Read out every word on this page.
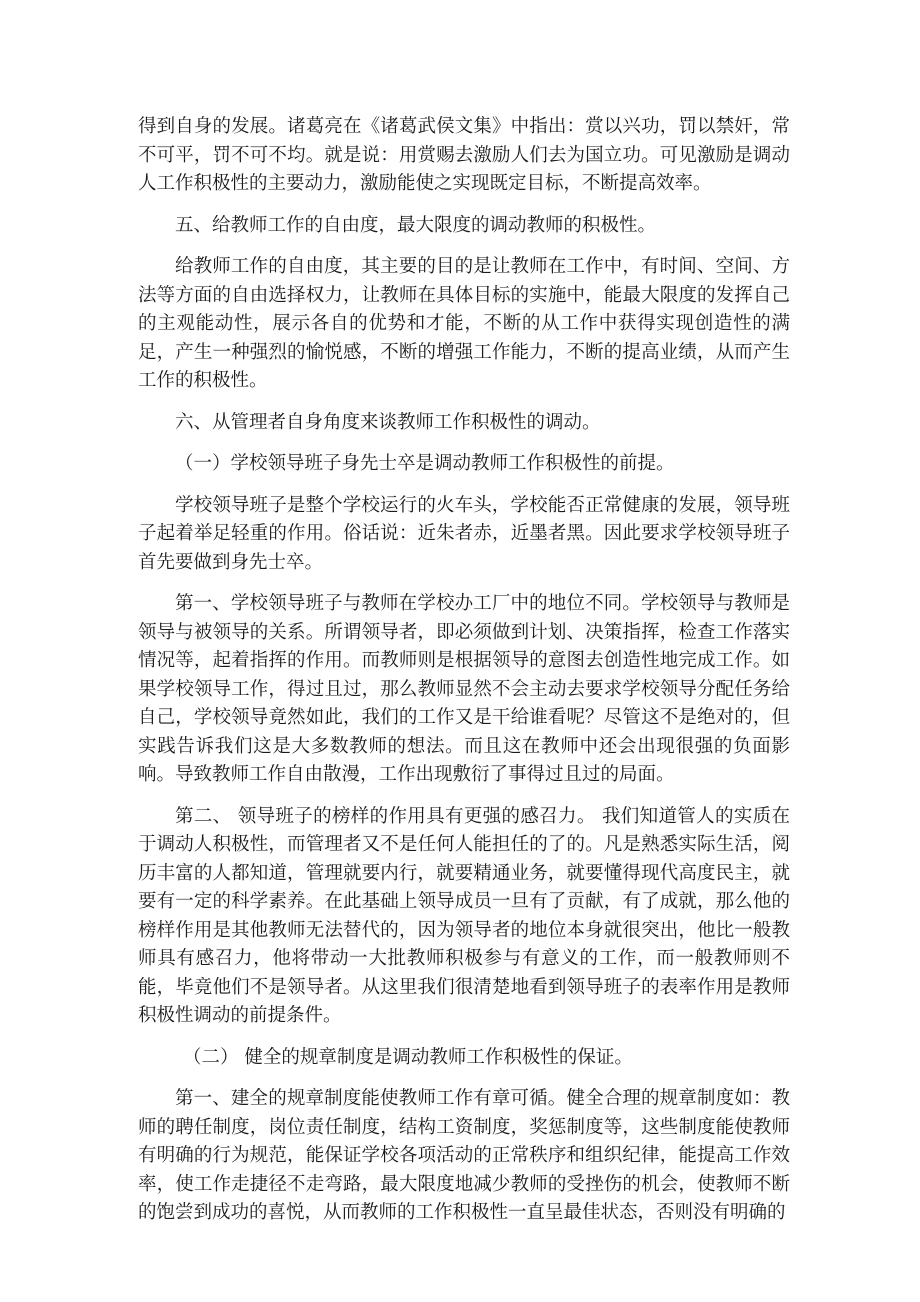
得到自身的发展。诸葛亮在《诸葛武侯文集》中指出：赏以兴功，罚以禁奸，常不可平，罚不可不均。就是说：用赏赐去激励人们去为国立功。可见激励是调动人工作积极性的主要动力，激励能使之实现既定目标，不断提高效率。

五、给教师工作的自由度，最大限度的调动教师的积极性。

给教师工作的自由度，其主要的目的是让教师在工作中，有时间、空间、方法等方面的自由选择权力，让教师在具体目标的实施中，能最大限度的发挥自己的主观能动性，展示各自的优势和才能，不断的从工作中获得实现创造性的满足，产生一种强烈的愉悦感，不断的增强工作能力，不断的提高业绩，从而产生工作的积极性。

六、从管理者自身角度来谈教师工作积极性的调动。

（一）学校领导班子身先士卒是调动教师工作积极性的前提。

学校领导班子是整个学校运行的火车头，学校能否正常健康的发展，领导班子起着举足轻重的作用。俗话说：近朱者赤，近墨者黑。因此要求学校领导班子首先要做到身先士卒。

第一、学校领导班子与教师在学校办工厂中的地位不同。学校领导与教师是领导与被领导的关系。所谓领导者，即必须做到计划、决策指挥，检查工作落实情况等，起着指挥的作用。而教师则是根据领导的意图去创造性地完成工作。如果学校领导工作，得过且过，那么教师显然不会主动去要求学校领导分配任务给自己，学校领导竟然如此，我们的工作又是干给谁看呢？尽管这不是绝对的，但实践告诉我们这是大多数教师的想法。而且这在教师中还会出现很强的负面影响。导致教师工作自由散漫，工作出现敷衍了事得过且过的局面。

第二、 领导班子的榜样的作用具有更强的感召力。 我们知道管人的实质在于调动人积极性，而管理者又不是任何人能担任的了的。凡是熟悉实际生活，阅历丰富的人都知道，管理就要内行，就要精通业务，就要懂得现代高度民主，就要有一定的科学素养。在此基础上领导成员一旦有了贡献，有了成就，那么他的榜样作用是其他教师无法替代的，因为领导者的地位本身就很突出，他比一般教师具有感召力，他将带动一大批教师积极参与有意义的工作，而一般教师则不能，毕竟他们不是领导者。从这里我们很清楚地看到领导班子的表率作用是教师积极性调动的前提条件。

（二） 健全的规章制度是调动教师工作积极性的保证。

第一、建全的规章制度能使教师工作有章可循。健全合理的规章制度如：教师的聘任制度，岗位责任制度，结构工资制度，奖惩制度等，这些制度能使教师有明确的行为规范，能保证学校各项活动的正常秩序和组织纪律，能提高工作效率，使工作走捷径不走弯路，最大限度地减少教师的受挫伤的机会，使教师不断的饱尝到成功的喜悦，从而教师的工作积极性一直呈最佳状态，否则没有明确的
